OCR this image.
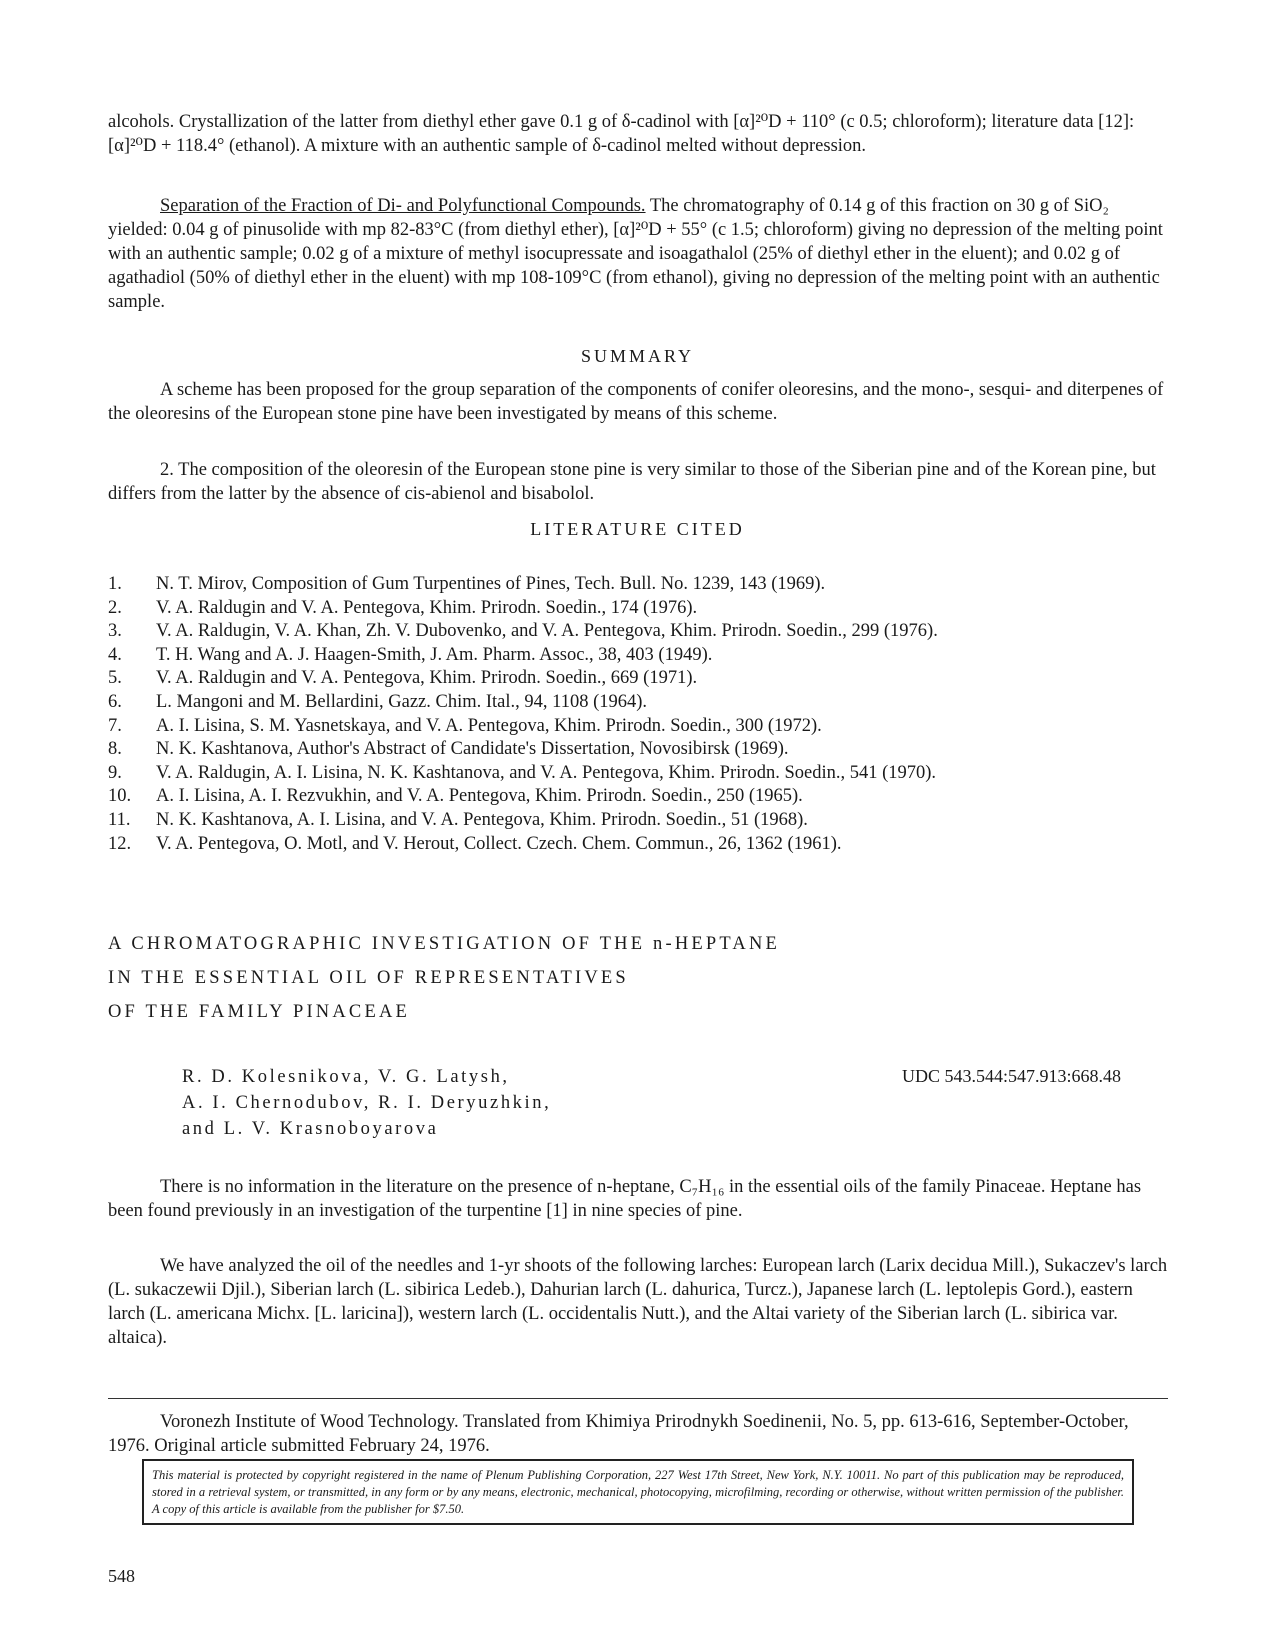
alcohols. Crystallization of the latter from diethyl ether gave 0.1 g of δ-cadinol with [α]²⁰D + 110° (c 0.5; chloroform); literature data [12]: [α]²⁰D + 118.4° (ethanol). A mixture with an authentic sample of δ-cadinol melted without depression.

Separation of the Fraction of Di- and Polyfunctional Compounds. The chromatography of 0.14 g of this fraction on 30 g of SiO₂ yielded: 0.04 g of pinusolide with mp 82-83°C (from diethyl ether), [α]²⁰D + 55° (c 1.5; chloroform) giving no depression of the melting point with an authentic sample; 0.02 g of a mixture of methyl isocupressate and isoagathalol (25% of diethyl ether in the eluent); and 0.02 g of agathadiol (50% of diethyl ether in the eluent) with mp 108-109°C (from ethanol), giving no depression of the melting point with an authentic sample.

SUMMARY

A scheme has been proposed for the group separation of the components of conifer oleoresins, and the mono-, sesqui- and diterpenes of the oleoresins of the European stone pine have been investigated by means of this scheme.

2. The composition of the oleoresin of the European stone pine is very similar to those of the Siberian pine and of the Korean pine, but differs from the latter by the absence of cis-abienol and bisabolol.

LITERATURE CITED
1.	N. T. Mirov, Composition of Gum Turpentines of Pines, Tech. Bull. No. 1239, 143 (1969).
2.	V. A. Raldugin and V. A. Pentegova, Khim. Prirodn. Soedin., 174 (1976).
3.	V. A. Raldugin, V. A. Khan, Zh. V. Dubovenko, and V. A. Pentegova, Khim. Prirodn. Soedin., 299 (1976).
4.	T. H. Wang and A. J. Haagen-Smith, J. Am. Pharm. Assoc., 38, 403 (1949).
5.	V. A. Raldugin and V. A. Pentegova, Khim. Prirodn. Soedin., 669 (1971).
6.	L. Mangoni and M. Bellardini, Gazz. Chim. Ital., 94, 1108 (1964).
7.	A. I. Lisina, S. M. Yasnetskaya, and V. A. Pentegova, Khim. Prirodn. Soedin., 300 (1972).
8.	N. K. Kashtanova, Author's Abstract of Candidate's Dissertation, Novosibirsk (1969).
9.	V. A. Raldugin, A. I. Lisina, N. K. Kashtanova, and V. A. Pentegova, Khim. Prirodn. Soedin., 541 (1970).
10.	A. I. Lisina, A. I. Rezvukhin, and V. A. Pentegova, Khim. Prirodn. Soedin., 250 (1965).
11.	N. K. Kashtanova, A. I. Lisina, and V. A. Pentegova, Khim. Prirodn. Soedin., 51 (1968).
12.	V. A. Pentegova, O. Motl, and V. Herout, Collect. Czech. Chem. Commun., 26, 1362 (1961).
A CHROMATOGRAPHIC INVESTIGATION OF THE n-HEPTANE
IN THE ESSENTIAL OIL OF REPRESENTATIVES
OF THE FAMILY PINACEAE
R. D. Kolesnikova, V. G. Latysh,
A. I. Chernodubov, R. I. Deryuzhkin,
and L. V. Krasnoboyarova
UDC 543.544:547.913:668.48

There is no information in the literature on the presence of n-heptane, C₇H₁₆ in the essential oils of the family Pinaceae. Heptane has been found previously in an investigation of the turpentine [1] in nine species of pine.

We have analyzed the oil of the needles and 1-yr shoots of the following larches: European larch (Larix decidua Mill.), Sukaczev's larch (L. sukaczewii Djil.), Siberian larch (L. sibirica Ledeb.), Dahurian larch (L. dahurica, Turcz.), Japanese larch (L. leptolepis Gord.), eastern larch (L. americana Michx. [L. laricina]), western larch (L. occidentalis Nutt.), and the Altai variety of the Siberian larch (L. sibirica var. altaica).

Voronezh Institute of Wood Technology. Translated from Khimiya Prirodnykh Soedinenii, No. 5, pp. 613-616, September-October, 1976. Original article submitted February 24, 1976.

This material is protected by copyright registered in the name of Plenum Publishing Corporation, 227 West 17th Street, New York, N.Y. 10011. No part of this publication may be reproduced, stored in a retrieval system, or transmitted, in any form or by any means, electronic, mechanical, photocopying, microfilming, recording or otherwise, without written permission of the publisher. A copy of this article is available from the publisher for $7.50.
548
